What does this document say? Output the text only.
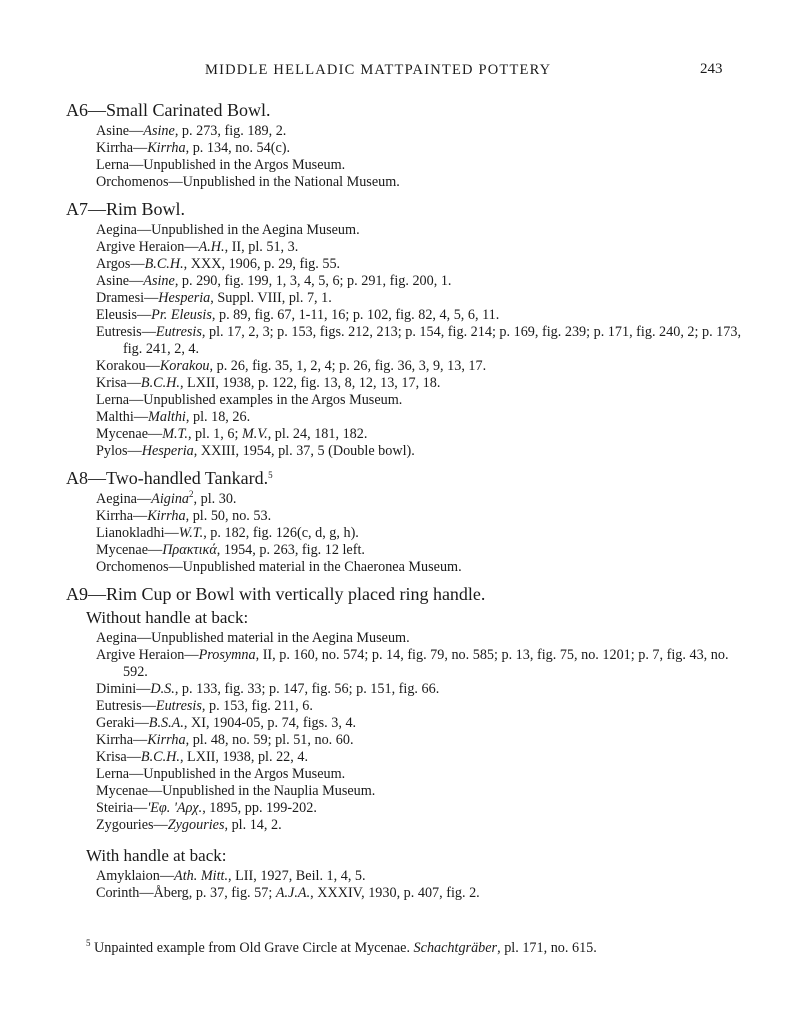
MIDDLE HELLADIC MATTPAINTED POTTERY	243
A6—Small Carinated Bowl.
Asine—Asine, p. 273, fig. 189, 2.
Kirrha—Kirrha, p. 134, no. 54(c).
Lerna—Unpublished in the Argos Museum.
Orchomenos—Unpublished in the National Museum.
A7—Rim Bowl.
Aegina—Unpublished in the Aegina Museum.
Argive Heraion—A.H., II, pl. 51, 3.
Argos—B.C.H., XXX, 1906, p. 29, fig. 55.
Asine—Asine, p. 290, fig. 199, 1, 3, 4, 5, 6; p. 291, fig. 200, 1.
Dramesi—Hesperia, Suppl. VIII, pl. 7, 1.
Eleusis—Pr. Eleusis, p. 89, fig. 67, 1-11, 16; p. 102, fig. 82, 4, 5, 6, 11.
Eutresis—Eutresis, pl. 17, 2, 3; p. 153, figs. 212, 213; p. 154, fig. 214; p. 169, fig. 239; p. 171, fig. 240, 2; p. 173, fig. 241, 2, 4.
Korakou—Korakou, p. 26, fig. 35, 1, 2, 4; p. 26, fig. 36, 3, 9, 13, 17.
Krisa—B.C.H., LXII, 1938, p. 122, fig. 13, 8, 12, 13, 17, 18.
Lerna—Unpublished examples in the Argos Museum.
Malthi—Malthi, pl. 18, 26.
Mycenae—M.T., pl. 1, 6; M.V., pl. 24, 181, 182.
Pylos—Hesperia, XXIII, 1954, pl. 37, 5 (Double bowl).
A8—Two-handled Tankard.$^5$
Aegina—Aigina$^2$, pl. 30.
Kirrha—Kirrha, pl. 50, no. 53.
Lianokladhi—W.T., p. 182, fig. 126(c, d, g, h).
Mycenae—Πρακτικά, 1954, p. 263, fig. 12 left.
Orchomenos—Unpublished material in the Chaeronea Museum.
A9—Rim Cup or Bowl with vertically placed ring handle.
Without handle at back:
Aegina—Unpublished material in the Aegina Museum.
Argive Heraion—Prosymna, II, p. 160, no. 574; p. 14, fig. 79, no. 585; p. 13, fig. 75, no. 1201; p. 7, fig. 43, no. 592.
Dimini—D.S., p. 133, fig. 33; p. 147, fig. 56; p. 151, fig. 66.
Eutresis—Eutresis, p. 153, fig. 211, 6.
Geraki—B.S.A., XI, 1904-05, p. 74, figs. 3, 4.
Kirrha—Kirrha, pl. 48, no. 59; pl. 51, no. 60.
Krisa—B.C.H., LXII, 1938, pl. 22, 4.
Lerna—Unpublished in the Argos Museum.
Mycenae—Unpublished in the Nauplia Museum.
Steiria—'Εφ. 'Αρχ., 1895, pp. 199-202.
Zygouries—Zygouries, pl. 14, 2.
With handle at back:
Amyklaion—Ath. Mitt., LII, 1927, Beil. 1, 4, 5.
Corinth—Åberg, p. 37, fig. 57; A.J.A., XXXIV, 1930, p. 407, fig. 2.
$^5$ Unpainted example from Old Grave Circle at Mycenae. Schachtgräber, pl. 171, no. 615.
